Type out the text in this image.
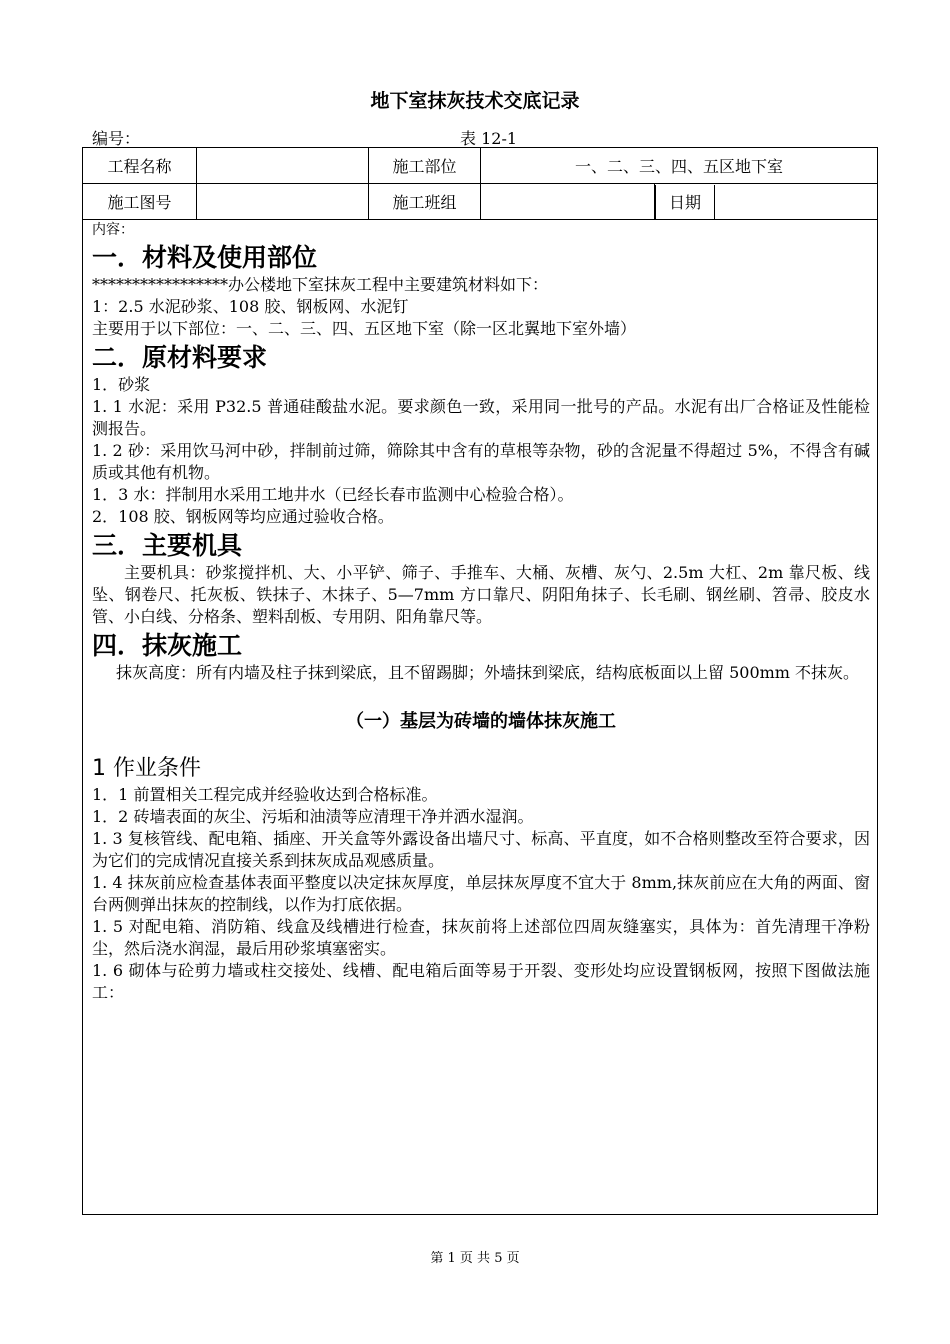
地下室抹灰技术交底记录
编号：	表 12-1
工程名称		施工部位	一、二、三、四、五区地下室	
施工图号		施工班组		日期

内容：

一．材料及使用部位

*****************办公楼地下室抹灰工程中主要建筑材料如下：

1：2.5 水泥砂浆、108 胶、钢板网、水泥钉

主要用于以下部位：一、二、三、四、五区地下室（除一区北翼地下室外墙）

二．原材料要求

1．砂浆

1. 1 水泥：采用 P32.5 普通硅酸盐水泥。要求颜色一致，采用同一批号的产品。水泥有出厂合格证及性能检测报告。

1. 2 砂：采用饮马河中砂，拌制前过筛，筛除其中含有的草根等杂物，砂的含泥量不得超过 5%，不得含有碱质或其他有机物。

1．3 水：拌制用水采用工地井水（已经长春市监测中心检验合格）。

2．108 胶、钢板网等均应通过验收合格。

三．主要机具

主要机具：砂浆搅拌机、大、小平铲、筛子、手推车、大桶、灰槽、灰勺、2.5m 大杠、2m 靠尺板、线坠、钢卷尺、托灰板、铁抹子、木抹子、5—7mm 方口靠尺、阴阳角抹子、长毛刷、钢丝刷、笤帚、胶皮水管、小白线、分格条、塑料刮板、专用阴、阳角靠尺等。

四．抹灰施工

抹灰高度：所有内墙及柱子抹到梁底，且不留踢脚；外墙抹到梁底，结构底板面以上留 500mm 不抹灰。

（一）基层为砖墙的墙体抹灰施工
1 作业条件

1．1 前置相关工程完成并经验收达到合格标准。

1．2 砖墙表面的灰尘、污垢和油渍等应清理干净并洒水湿润。

1. 3 复核管线、配电箱、插座、开关盒等外露设备出墙尺寸、标高、平直度，如不合格则整改至符合要求，因为它们的完成情况直接关系到抹灰成品观感质量。

1. 4 抹灰前应检查基体表面平整度以决定抹灰厚度，单层抹灰厚度不宜大于 8mm,抹灰前应在大角的两面、窗台两侧弹出抹灰的控制线，以作为打底依据。

1. 5 对配电箱、消防箱、线盒及线槽进行检查，抹灰前将上述部位四周灰缝塞实，具体为：首先清理干净粉尘，然后浇水润湿，最后用砂浆填塞密实。

1. 6 砌体与砼剪力墙或柱交接处、线槽、配电箱后面等易于开裂、变形处均应设置钢板网，按照下图做法施工：

第 1 页 共 5 页
